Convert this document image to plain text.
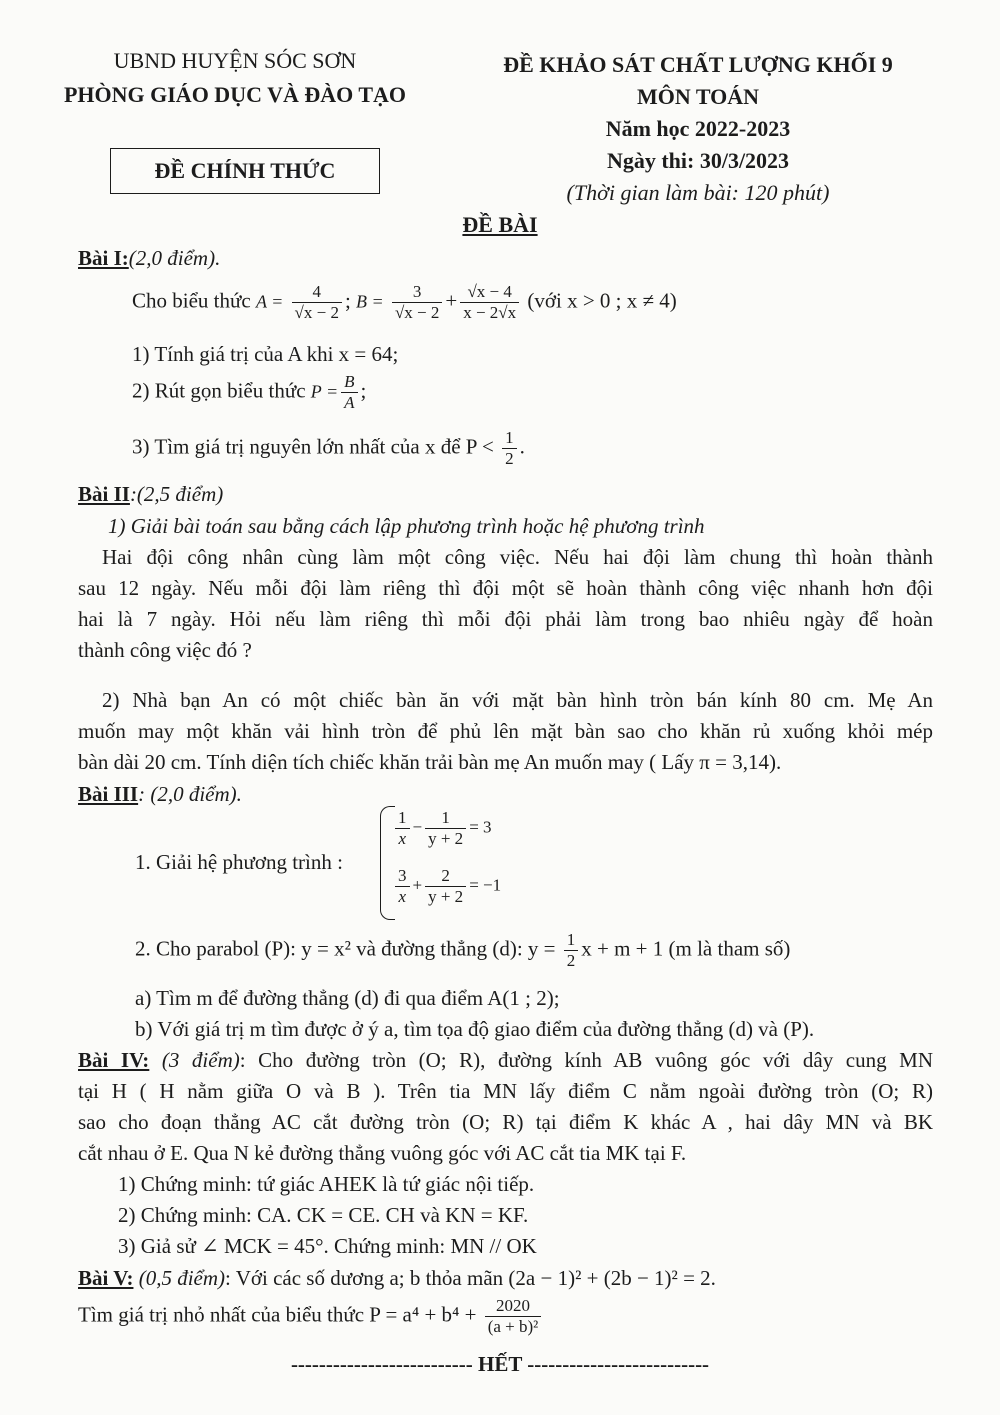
UBND HUYỆN SÓC SƠN
PHÒNG GIÁO DỤC VÀ ĐÀO TẠO
ĐỀ CHÍNH THỨC
ĐỀ KHẢO SÁT CHẤT LƯỢNG KHỐI 9
MÔN TOÁN
Năm học 2022-2023
Ngày thi: 30/3/2023
(Thời gian làm bài: 120 phút)
ĐỀ BÀI
Bài I:(2,0 điểm).
Cho biểu thức $A = \frac{4}{√x - 2}$ ; $B = \frac{3}{√x - 2} + \frac{√x - 4}{x - 2√x}$ (với x > 0 ; x ≠ 4)
1) Tính giá trị của A khi x = 64;
2) Rút gọn biểu thức $P = \frac{B}{A}$ ;
3) Tìm giá trị nguyên lớn nhất của x để $P < \frac{1}{2}$ .
Bài II:(2,5 điểm)
1) Giải bài toán sau bằng cách lập phương trình hoặc hệ phương trình
Hai đội công nhân cùng làm một công việc. Nếu hai đội làm chung thì hoàn thành
sau 12 ngày. Nếu mỗi đội làm riêng thì đội một sẽ hoàn thành công việc nhanh hơn đội
hai là 7 ngày. Hỏi nếu làm riêng thì mỗi đội phải làm trong bao nhiêu ngày để hoàn
thành công việc đó ?
2) Nhà bạn An có một chiếc bàn ăn với mặt bàn hình tròn bán kính 80 cm. Mẹ An
muốn may một khăn vải hình tròn để phủ lên mặt bàn sao cho khăn rủ xuống khỏi mép
bàn dài 20 cm. Tính diện tích chiếc khăn trải bàn mẹ An muốn may ( Lấy π = 3,14).
Bài III: (2,0 điểm).
1. Giải hệ phương trình :
$\frac{1}{x} - \frac{1}{y + 2} = 3$
$\frac{3}{x} + \frac{2}{y + 2} = -1$
2. Cho parabol (P): y = x² và đường thẳng (d): $y = \frac{1}{2}$ x + m + 1 (m là tham số)
a) Tìm m để đường thẳng (d) đi qua điểm A(1 ; 2);
b) Với giá trị m tìm được ở ý a, tìm tọa độ giao điểm của đường thẳng (d) và (P).
Bài IV: (3 điểm): Cho đường tròn (O; R), đường kính AB vuông góc với dây cung MN
tại H ( H nằm giữa O và B ). Trên tia MN lấy điểm C nằm ngoài đường tròn (O; R)
sao cho đoạn thẳng AC cắt đường tròn (O; R) tại điểm K khác A , hai dây MN và BK
cắt nhau ở E. Qua N kẻ đường thẳng vuông góc với AC cắt tia MK tại F.
1) Chứng minh: tứ giác AHEK là tứ giác nội tiếp.
2) Chứng minh: CA. CK = CE. CH và KN = KF.
3) Giả sử ∠ MCK = 45°. Chứng minh: MN // OK
Bài V: (0,5 điểm): Với các số dương a; b thỏa mãn (2a − 1)² + (2b − 1)² = 2.
Tìm giá trị nhỏ nhất của biểu thức $P = a^4 + b^4 + \frac{2020}{\text{(a + b)²}}$
-------------------------- HẾT --------------------------
